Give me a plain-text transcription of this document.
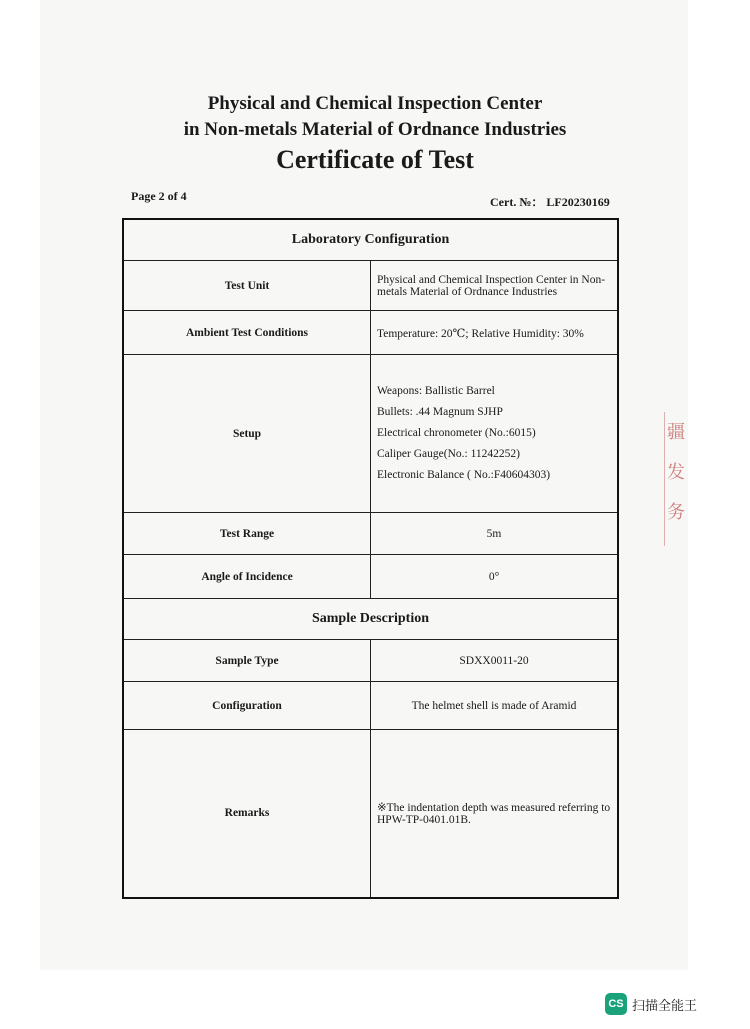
疆
发
务
Physical and Chemical Inspection Center
in Non-metals Material of Ordnance Industries
Certificate of Test
Page 2 of 4	Cert. №： LF20230169
Laboratory Configuration	
Test Unit	Physical and Chemical Inspection Center in Non-metals Material of Ordnance Industries
Ambient Test Conditions	Temperature: 20℃; Relative Humidity: 30%
Setup	Weapons: Ballistic Barrel
Bullets: .44 Magnum SJHP
Electrical chronometer (No.:6015)
Caliper Gauge(No.: 11242252)
Electronic Balance ( No.:F40604303)

Test Range	5m
Angle of Incidence	0°
Sample Description	
Sample Type	SDXX0011-20
Configuration	The helmet shell is made of Aramid
Remarks	※The indentation depth was measured referring to HPW-TP-0401.01B.
CS 扫描全能王
